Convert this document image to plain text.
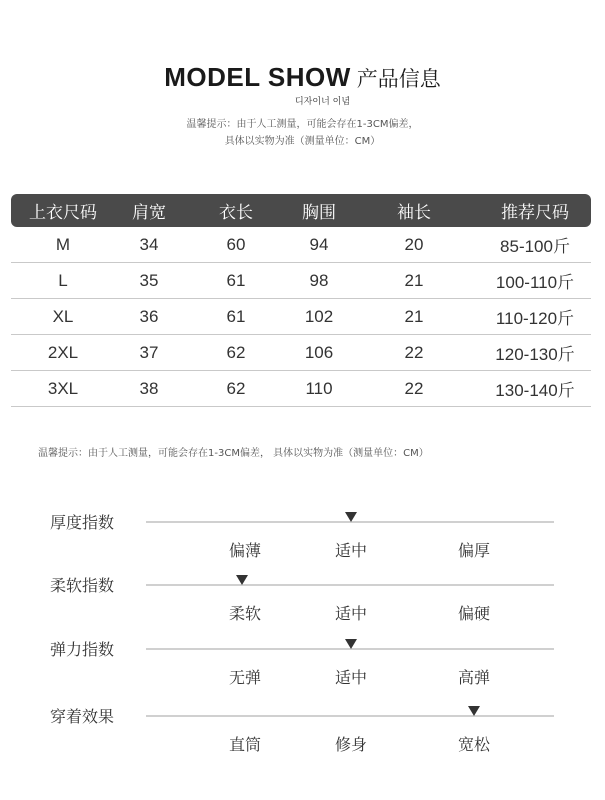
MODEL SHOW 产品信息
디자이너 이념
温馨提示：由于人工测量，可能会存在1-3CM偏差，
具体以实物为准（测量单位：CM）
上衣尺码	肩宽	衣长	胸围	袖长	推荐尺码
M	34	60	94	20	85-100斤
L	35	61	98	21	100-110斤
XL	36	61	102	21	110-120斤
2XL	37	62	106	22	120-130斤
3XL	38	62	110	22	130-140斤
温馨提示：由于人工测量，可能会存在1-3CM偏差， 具体以实物为准（测量单位：CM）
厚度指数
偏薄	适中	偏厚
柔软指数
柔软	适中	偏硬
弹力指数
无弹	适中	高弹
穿着效果
直筒	修身	宽松
